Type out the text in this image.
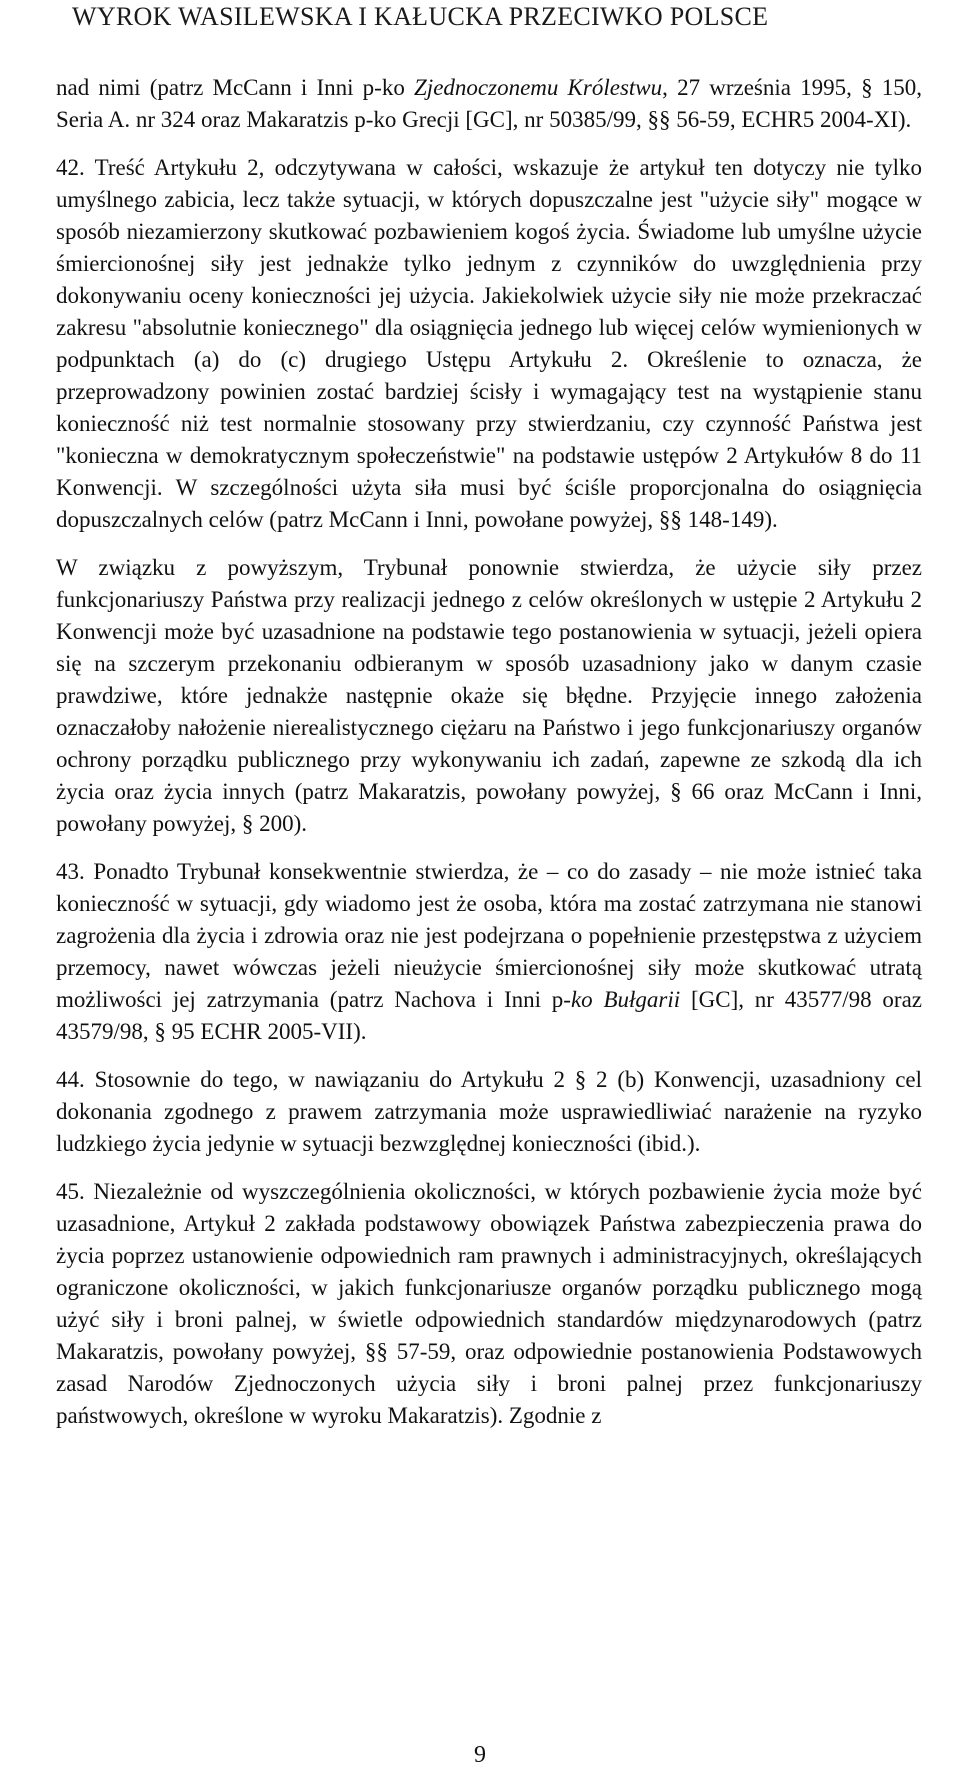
WYROK WASILEWSKA I KAŁUCKA PRZECIWKO POLSCE

nad nimi (patrz McCann i Inni p-ko Zjednoczonemu Królestwu, 27 września 1995, § 150, Seria A. nr 324 oraz Makaratzis p-ko Grecji [GC], nr 50385/99, §§ 56-59, ECHR5 2004-XI).

42. Treść Artykułu 2, odczytywana w całości, wskazuje że artykuł ten dotyczy nie tylko umyślnego zabicia, lecz także sytuacji, w których dopuszczalne jest "użycie siły" mogące w sposób niezamierzony skutkować pozbawieniem kogoś życia. Świadome lub umyślne użycie śmiercionośnej siły jest jednakże tylko jednym z czynników do uwzględnienia przy dokonywaniu oceny konieczności jej użycia. Jakiekolwiek użycie siły nie może przekraczać zakresu "absolutnie koniecznego" dla osiągnięcia jednego lub więcej celów wymienionych w podpunktach (a) do (c) drugiego Ustępu Artykułu 2. Określenie to oznacza, że przeprowadzony powinien zostać bardziej ścisły i wymagający test na wystąpienie stanu konieczność niż test normalnie stosowany przy stwierdzaniu, czy czynność Państwa jest "konieczna w demokratycznym społeczeństwie" na podstawie ustępów 2 Artykułów 8 do 11 Konwencji. W szczególności użyta siła musi być ściśle proporcjonalna do osiągnięcia dopuszczalnych celów (patrz McCann i Inni, powołane powyżej, §§ 148-149).

W związku z powyższym, Trybunał ponownie stwierdza, że użycie siły przez funkcjonariuszy Państwa przy realizacji jednego z celów określonych w ustępie 2 Artykułu 2 Konwencji może być uzasadnione na podstawie tego postanowienia w sytuacji, jeżeli opiera się na szczerym przekonaniu odbieranym w sposób uzasadniony jako w danym czasie prawdziwe, które jednakże następnie okaże się błędne. Przyjęcie innego założenia oznaczałoby nałożenie nierealistycznego ciężaru na Państwo i jego funkcjonariuszy organów ochrony porządku publicznego przy wykonywaniu ich zadań, zapewne ze szkodą dla ich życia oraz życia innych (patrz Makaratzis, powołany powyżej, § 66 oraz McCann i Inni, powołany powyżej, § 200).

43. Ponadto Trybunał konsekwentnie stwierdza, że – co do zasady – nie może istnieć taka konieczność w sytuacji, gdy wiadomo jest że osoba, która ma zostać zatrzymana nie stanowi zagrożenia dla życia i zdrowia oraz nie jest podejrzana o popełnienie przestępstwa z użyciem przemocy, nawet wówczas jeżeli nieużycie śmiercionośnej siły może skutkować utratą możliwości jej zatrzymania (patrz Nachova i Inni p-ko Bułgarii [GC], nr 43577/98 oraz 43579/98, § 95 ECHR 2005-VII).

44. Stosownie do tego, w nawiązaniu do Artykułu 2 § 2 (b) Konwencji, uzasadniony cel dokonania zgodnego z prawem zatrzymania może usprawiedliwiać narażenie na ryzyko ludzkiego życia jedynie w sytuacji bezwzględnej konieczności (ibid.).

45. Niezależnie od wyszczególnienia okoliczności, w których pozbawienie życia może być uzasadnione, Artykuł 2 zakłada podstawowy obowiązek Państwa zabezpieczenia prawa do życia poprzez ustanowienie odpowiednich ram prawnych i administracyjnych, określających ograniczone okoliczności, w jakich funkcjonariusze organów porządku publicznego mogą użyć siły i broni palnej, w świetle odpowiednich standardów międzynarodowych (patrz Makaratzis, powołany powyżej, §§ 57-59, oraz odpowiednie postanowienia Podstawowych zasad Narodów Zjednoczonych użycia siły i broni palnej przez funkcjonariuszy państwowych, określone w wyroku Makaratzis). Zgodnie z

9
